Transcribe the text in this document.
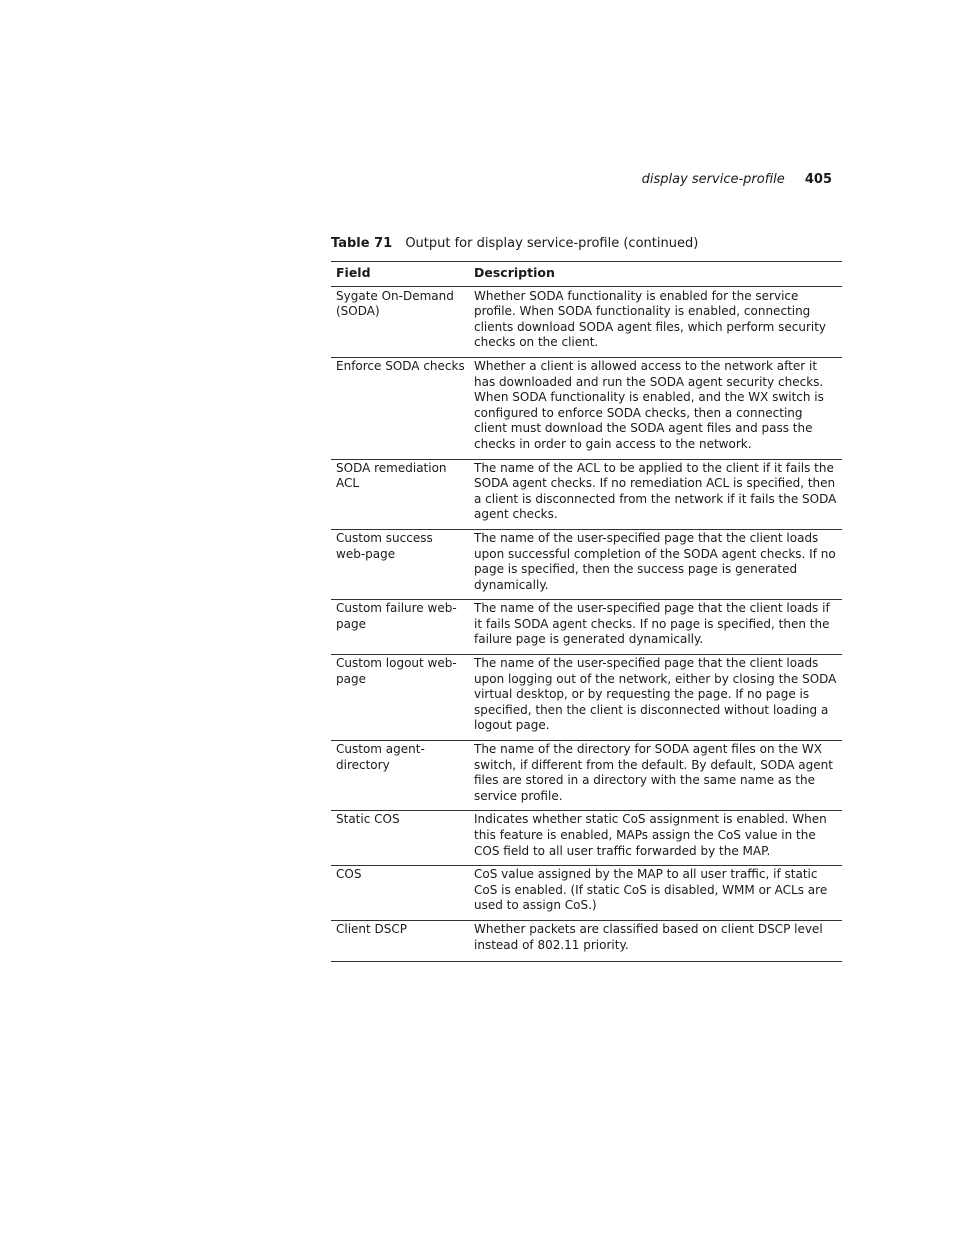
display service-profile 405
Table 71 Output for display service-profile (continued)
Field	Description
Sygate On-Demand (SODA)	Whether SODA functionality is enabled for the service profile. When SODA functionality is enabled, connecting clients download SODA agent files, which perform security checks on the client.
Enforce SODA checks	Whether a client is allowed access to the network after it has downloaded and run the SODA agent security checks. When SODA functionality is enabled, and the WX switch is configured to enforce SODA checks, then a connecting client must download the SODA agent files and pass the checks in order to gain access to the network.
SODA remediation ACL	The name of the ACL to be applied to the client if it fails the SODA agent checks. If no remediation ACL is specified, then a client is disconnected from the network if it fails the SODA agent checks.
Custom success web-page	The name of the user-specified page that the client loads upon successful completion of the SODA agent checks. If no page is specified, then the success page is generated dynamically.
Custom failure web-page	The name of the user-specified page that the client loads if it fails SODA agent checks. If no page is specified, then the failure page is generated dynamically.
Custom logout web-page	The name of the user-specified page that the client loads upon logging out of the network, either by closing the SODA virtual desktop, or by requesting the page. If no page is specified, then the client is disconnected without loading a logout page.
Custom agent-directory	The name of the directory for SODA agent files on the WX switch, if different from the default. By default, SODA agent files are stored in a directory with the same name as the service profile.
Static COS	Indicates whether static CoS assignment is enabled. When this feature is enabled, MAPs assign the CoS value in the COS field to all user traffic forwarded by the MAP.
COS	CoS value assigned by the MAP to all user traffic, if static CoS is enabled. (If static CoS is disabled, WMM or ACLs are used to assign CoS.)
Client DSCP	Whether packets are classified based on client DSCP level instead of 802.11 priority.
